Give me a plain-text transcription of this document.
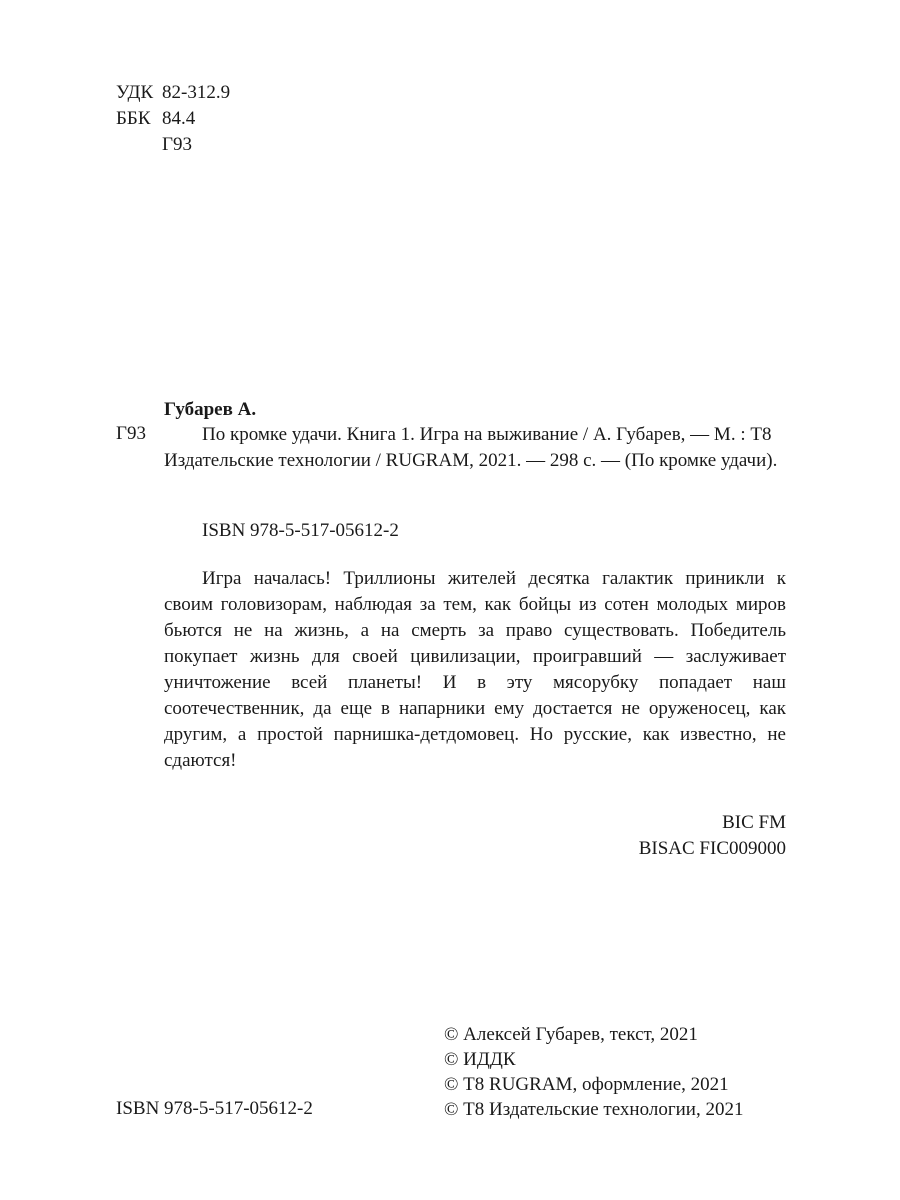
УДК 82-312.9
ББК 84.4
Г93
Губарев А.
Г93	По кромке удачи. Книга 1. Игра на выживание / А. Губарев, — М. : Т8 Издательские технологии / RUGRAM, 2021. — 298 с. — (По кромке удачи).

ISBN 978-5-517-05612-2

Игра началась! Триллионы жителей десятка галактик приникли к своим головизорам, наблюдая за тем, как бойцы из сотен молодых миров бьются не на жизнь, а на смерть за право существовать. Победитель покупает жизнь для своей цивилизации, проигравший — заслуживает уничтожение всей планеты! И в эту мясорубку попадает наш соотечественник, да еще в напарники ему достается не оруженосец, как другим, а простой парнишка-детдомовец. Но русские, как известно, не сдаются!

BIC FM
BISAC FIC009000
ISBN 978-5-517-05612-2
© Алексей Губарев, текст, 2021
© ИДДК
© Т8 RUGRAM, оформление, 2021
© Т8 Издательские технологии, 2021
